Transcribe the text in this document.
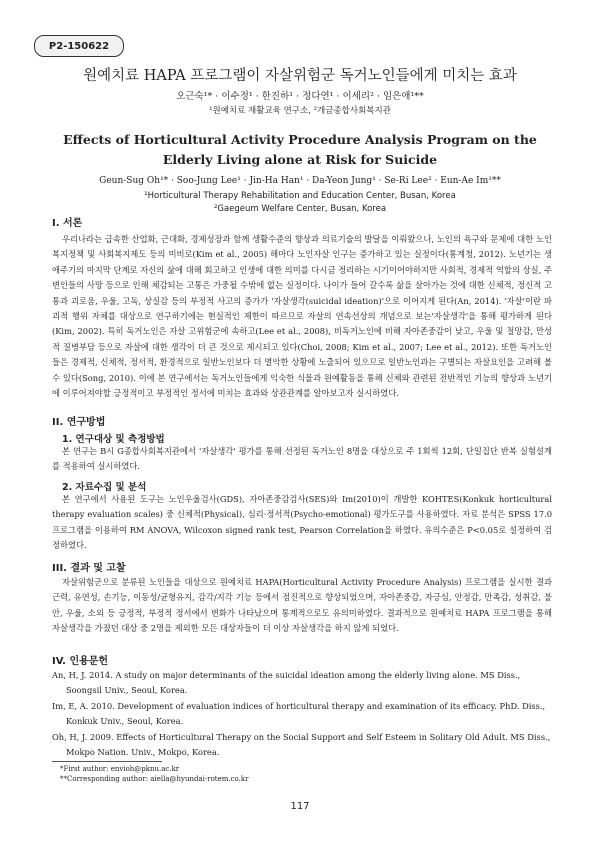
P2-150622
원예치료 HAPA 프로그램이 자살위험군 독거노인들에게 미치는 효과
오근숙¹* · 이수정¹ · 한진하¹ · 정다연¹ · 이세리² · 임은애¹**
¹원예치료 재활교육 연구소, ²개금종합사회복지관
Effects of Horticultural Activity Procedure Analysis Program on the Elderly Living alone at Risk for Suicide
Geun-Sug Oh¹* · Soo-Jung Lee¹ · Jin-Ha Han¹ · Da-Yeon Jung¹ · Se-Ri Lee² · Eun-Ae Im¹**
¹Horticultural Therapy Rehabilitation and Education Center, Busan, Korea
²Gaegeum Welfare Center, Busan, Korea
I. 서론
우리나라는 급속한 산업화, 근대화, 경제성장과 함께 생활수준의 향상과 의료기술의 발달을 이뤄왔으나, 노인의 욕구와 문제에 대한 노인복지정책 및 사회복지제도 등의 미비로(Kim et al., 2005) 해마다 노인자살 인구는 증가하고 있는 실정이다(통계청, 2012). 노년기는 생애주기의 마지막 단계로 자신의 삶에 대해 회고하고 인생에 대한 의미를 다시금 정리하는 시기이어야하지만 사회적, 경제적 역할의 상실, 주변인들의 사망 등으로 인해 체감되는 고통은 가중될 수밖에 없는 실정이다. 나이가 들어 갈수록 삶을 살아가는 것에 대한 신체적, 정신적 고통과 괴로움, 우울, 고독, 상실감 등의 부정적 사고의 증가가 '자살생각(suicidal ideation)'으로 이어지게 된다(An, 2014). '자살'이란 파괴적 행위 자체를 대상으로 연구하기에는 현실적인 제한이 따르므로 자살의 연속선상의 개념으로 보는'자살생각'을 통해 평가하게 된다(Kim, 2002). 특히 독거노인은 자살 고위험군에 속하고(Lee et al., 2008), 비독거노인에 비해 자아존중감이 낮고, 우울 및 절망감, 만성적 질병부담 등으로 자살에 대한 생각이 더 큰 것으로 제시되고 있다(Choi, 2008; Kim et al., 2007; Lee et al., 2012). 또한 독거노인들은 경제적, 신체적, 정서적, 환경적으로 일반노인보다 더 열악한 상황에 노출되어 있으므로 일반노인과는 구별되는 자살요인을 고려해 볼 수 있다(Song, 2010). 이에 본 연구에서는 독거노인들에게 익숙한 식물과 원예활동을 통해 신체와 관련된 전반적인 기능의 향상과 노년기에 이루어져야할 긍정적이고 부정적인 정서에 미치는 효과와 상관관계를 알아보고자 실시하였다.
II. 연구방법
1. 연구대상 및 측정방법
본 연구는 B시 G종합사회복지관에서 '자살생각' 평가를 통해 선정된 독거노인 8명을 대상으로 주 1회씩 12회, 단일집단 반복 실험설계를 적용하여 실시하였다.
2. 자료수집 및 분석
본 연구에서 사용된 도구는 노인우울검사(GDS), 자아존중감검사(SES)와 Im(2010)이 개발한 KOHTES(Konkuk horticultural therapy evaluation scales) 중 신체적(Physical), 심리·정서적(Psycho-emotional) 평가도구를 사용하였다. 자료 분석은 SPSS 17.0 프로그램을 이용하여 RM ANOVA, Wilcoxon signed rank test, Pearson Correlation을 하였다. 유의수준은 P<0.05로 설정하여 검정하였다.
III. 결과 및 고찰
자살위험군으로 분류된 노인들을 대상으로 원예치료 HAPA(Horticultural Activity Procedure Analysis) 프로그램을 실시한 결과 근력, 유연성, 손기능, 이동성/균형유지, 감각/지각 기능 등에서 점진적으로 향상되었으며, 자아존중감, 자긍심, 안정감, 만족감, 성취감, 불안, 우울, 소외 등 긍정적, 부정적 정서에서 변화가 나타났으며 통계적으로도 유의미하였다. 결과적으로 원예치료 HAPA 프로그램을 통해 자살생각을 가졌던 대상 중 2명을 제외한 모든 대상자들이 더 이상 자살생각을 하지 않게 되었다.
IV. 인용문헌
An, H, J. 2014. A study on major determinants of the suicidal ideation among the elderly living alone. MS Diss., Soongsil Univ., Seoul, Korea.
Im, E, A. 2010. Development of evaluation indices of horticultural therapy and examination of its efficacy. PhD. Diss., Konkuk Univ., Seoul, Korea.
Oh, H, J. 2009. Effects of Horticultural Therapy on the Social Support and Self Esteem in Solitary Old Adult. MS Diss., Mokpo Nation. Univ., Mokpo, Korea.
*First author: envioh@pknu.ac.kr
**Corresponding author: aiella@hyundai-rotem.co.kr
117
